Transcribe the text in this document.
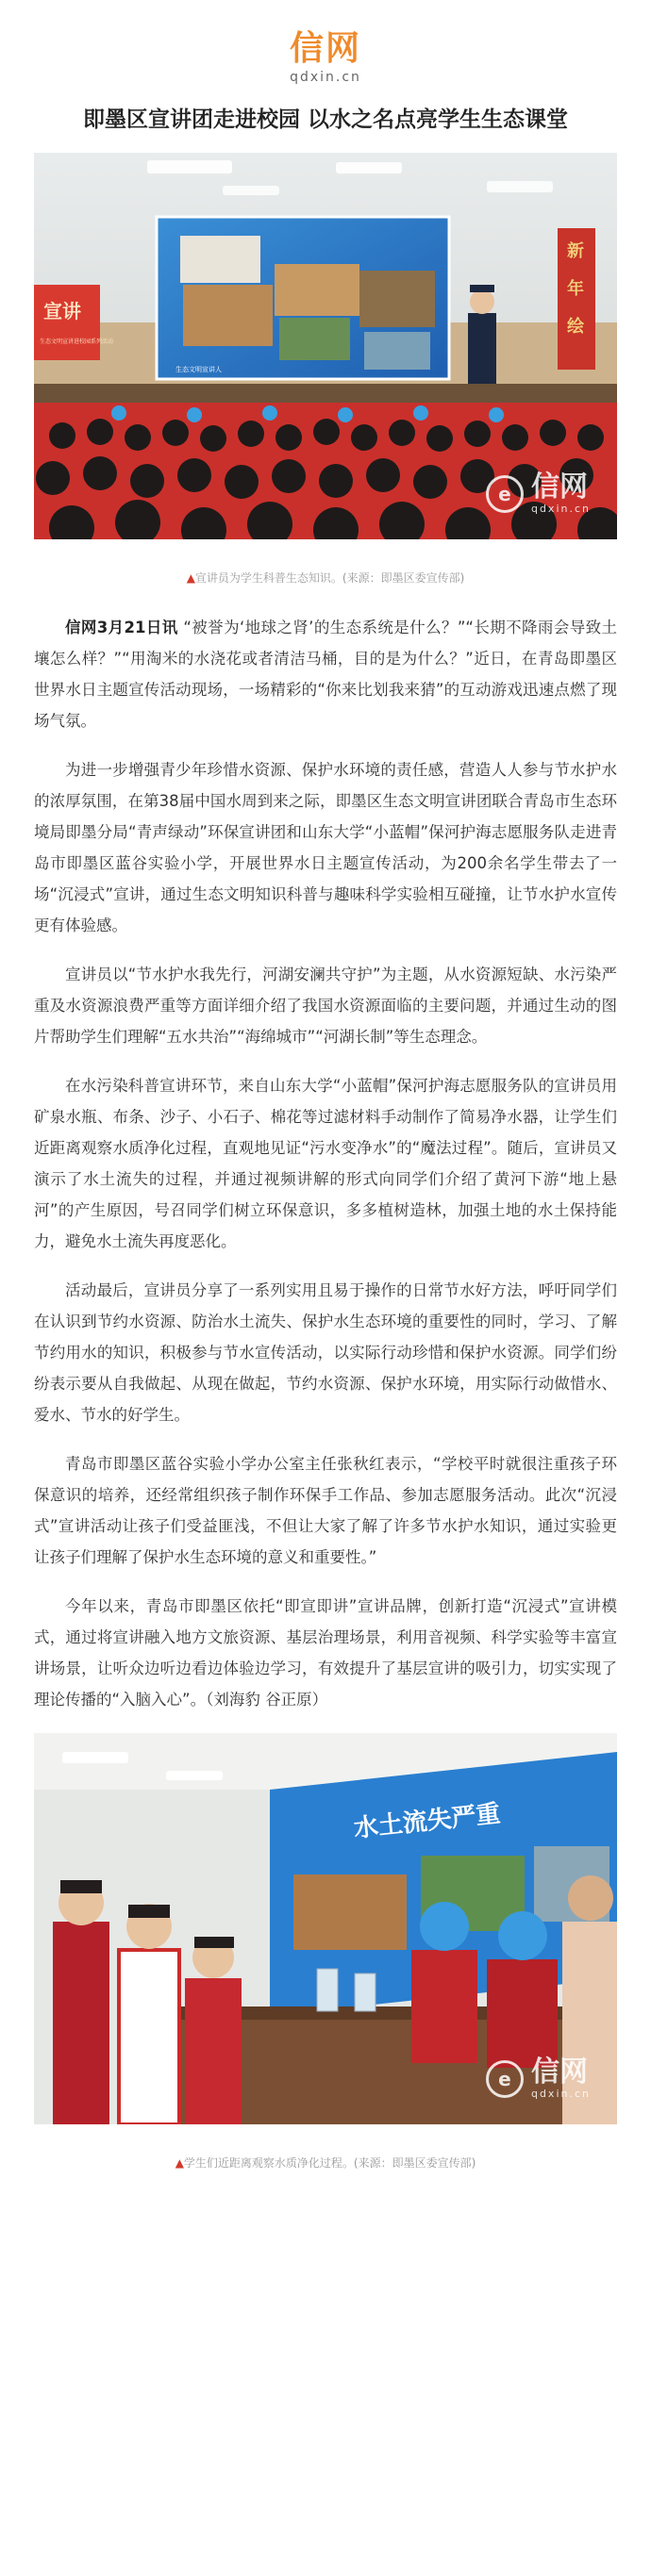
信网
qdxin.cn
即墨区宣讲团走进校园 以水之名点亮学生生态课堂
宣讲
生态文明宣讲进校园系列活动
新
年
绘
生态文明宣讲人
e 信网
qdxin.cn

▲宣讲员为学生科普生态知识。(来源：即墨区委宣传部)

信网3月21日讯 “被誉为‘地球之肾’的生态系统是什么？”“长期不降雨会导致土壤怎么样？”“用淘米的水浇花或者清洁马桶，目的是为什么？”近日，在青岛即墨区世界水日主题宣传活动现场，一场精彩的“你来比划我来猜”的互动游戏迅速点燃了现场气氛。

为进一步增强青少年珍惜水资源、保护水环境的责任感，营造人人参与节水护水的浓厚氛围，在第38届中国水周到来之际，即墨区生态文明宣讲团联合青岛市生态环境局即墨分局“青声绿动”环保宣讲团和山东大学“小蓝帽”保河护海志愿服务队走进青岛市即墨区蓝谷实验小学，开展世界水日主题宣传活动，为200余名学生带去了一场“沉浸式”宣讲，通过生态文明知识科普与趣味科学实验相互碰撞，让节水护水宣传更有体验感。

宣讲员以“节水护水我先行，河湖安澜共守护”为主题，从水资源短缺、水污染严重及水资源浪费严重等方面详细介绍了我国水资源面临的主要问题，并通过生动的图片帮助学生们理解“五水共治”“海绵城市”“河湖长制”等生态理念。

在水污染科普宣讲环节，来自山东大学“小蓝帽”保河护海志愿服务队的宣讲员用矿泉水瓶、布条、沙子、小石子、棉花等过滤材料手动制作了简易净水器，让学生们近距离观察水质净化过程，直观地见证“污水变净水”的“魔法过程”。随后，宣讲员又演示了水土流失的过程，并通过视频讲解的形式向同学们介绍了黄河下游“地上悬河”的产生原因，号召同学们树立环保意识，多多植树造林，加强土地的水土保持能力，避免水土流失再度恶化。

活动最后，宣讲员分享了一系列实用且易于操作的日常节水好方法，呼吁同学们在认识到节约水资源、防治水土流失、保护水生态环境的重要性的同时，学习、了解节约用水的知识，积极参与节水宣传活动，以实际行动珍惜和保护水资源。同学们纷纷表示要从自我做起、从现在做起，节约水资源、保护水环境，用实际行动做惜水、爱水、节水的好学生。

青岛市即墨区蓝谷实验小学办公室主任张秋红表示，“学校平时就很注重孩子环保意识的培养，还经常组织孩子制作环保手工作品、参加志愿服务活动。此次“沉浸式”宣讲活动让孩子们受益匪浅，不但让大家了解了许多节水护水知识，通过实验更让孩子们理解了保护水生态环境的意义和重要性。”

今年以来，青岛市即墨区依托“即宣即讲”宣讲品牌，创新打造“沉浸式”宣讲模式，通过将宣讲融入地方文旅资源、基层治理场景，利用音视频、科学实验等丰富宣讲场景，让听众边听边看边体验边学习，有效提升了基层宣讲的吸引力，切实实现了理论传播的“入脑入心”。（刘海豹 谷正原）

水土流失严重
e 信网
qdxin.cn

▲学生们近距离观察水质净化过程。(来源：即墨区委宣传部)
